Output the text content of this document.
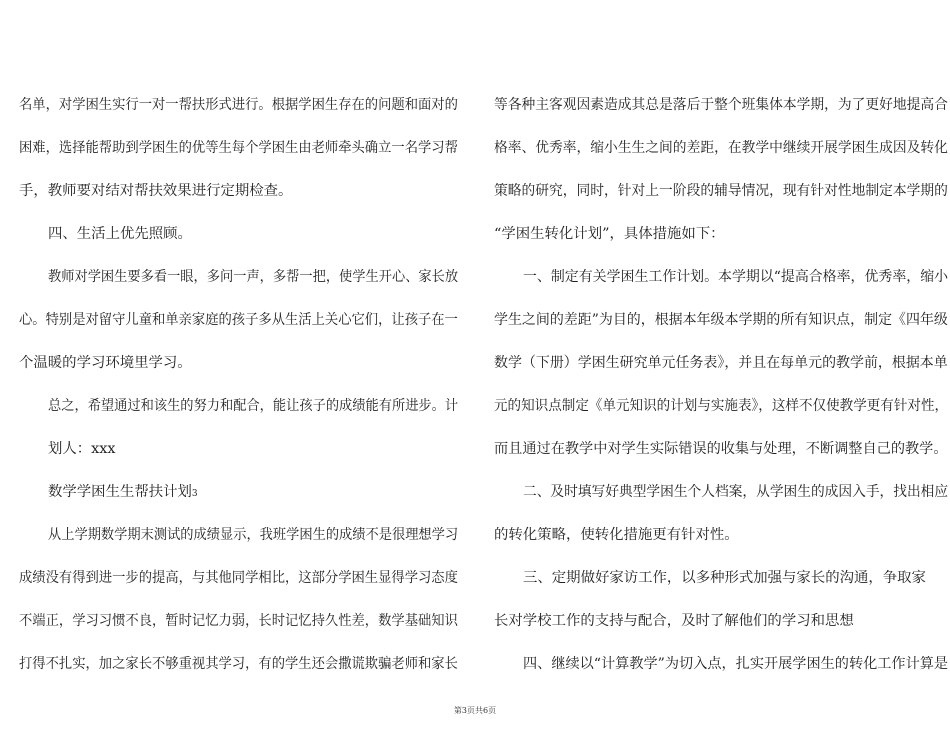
名单，对学困生实行一对一帮扶形式进行。根据学困生存在的问题和面对的
困难，选择能帮助到学困生的优等生每个学困生由老师牵头确立一名学习帮
手，教师要对结对帮扶效果进行定期检查。
四、生活上优先照顾。
教师对学困生要多看一眼，多问一声，多帮一把，使学生开心、家长放
心。特别是对留守儿童和单亲家庭的孩子多从生活上关心它们，让孩子在一
个温暖的学习环境里学习。
总之，希望通过和该生的努力和配合，能让孩子的成绩能有所进步。计
划人：xxx
数学学困生生帮扶计划3
从上学期数学期末测试的成绩显示，我班学困生的成绩不是很理想学习
成绩没有得到进一步的提高，与其他同学相比，这部分学困生显得学习态度
不端正，学习习惯不良，暂时记忆力弱，长时记忆持久性差，数学基础知识
打得不扎实，加之家长不够重视其学习，有的学生还会撒谎欺骗老师和家长
等各种主客观因素造成其总是落后于整个班集体本学期，为了更好地提高合
格率、优秀率，缩小生生之间的差距，在教学中继续开展学困生成因及转化
策略的研究，同时，针对上一阶段的辅导情况，现有针对性地制定本学期的
“学困生转化计划”，具体措施如下：
一、制定有关学困生工作计划。本学期以“提高合格率，优秀率，缩小
学生之间的差距”为目的，根据本年级本学期的所有知识点，制定《四年级
数学（下册）学困生研究单元任务表》，并且在每单元的教学前，根据本单
元的知识点制定《单元知识的计划与实施表》，这样不仅使教学更有针对性，
而且通过在教学中对学生实际错误的收集与处理，不断调整自己的教学。
二、及时填写好典型学困生个人档案，从学困生的成因入手，找出相应
的转化策略，使转化措施更有针对性。
三、定期做好家访工作，以多种形式加强与家长的沟通，争取家
长对学校工作的支持与配合，及时了解他们的学习和思想
四、继续以“计算教学”为切入点，扎实开展学困生的转化工作计算是
第3页共6页
